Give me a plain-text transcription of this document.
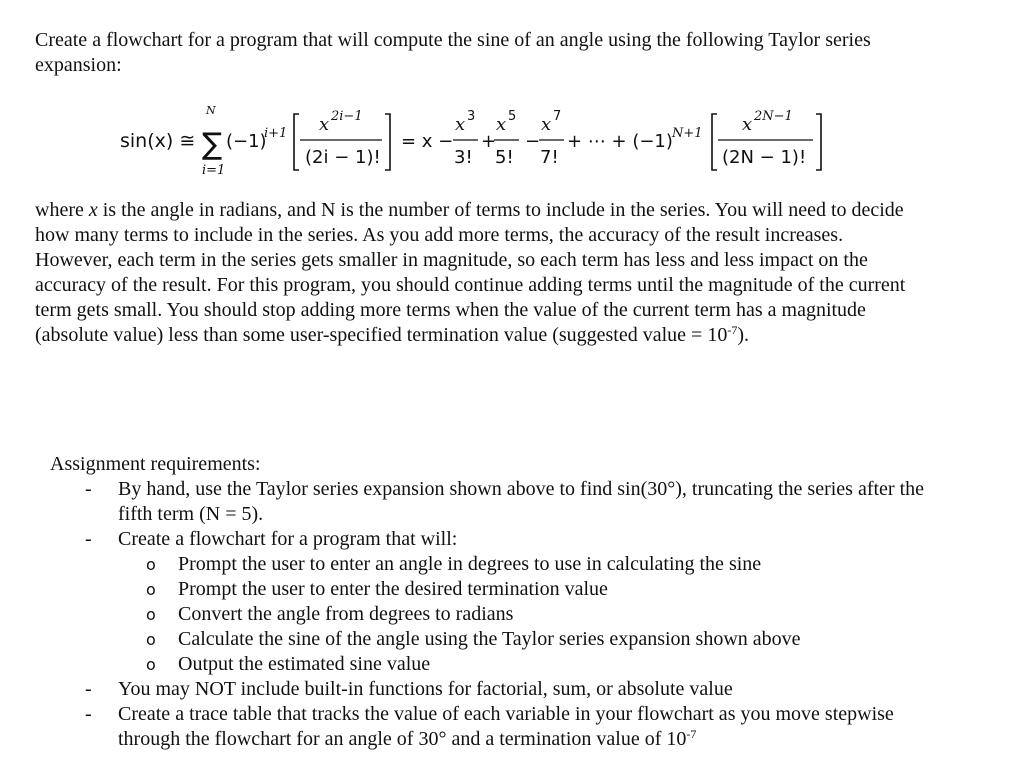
Create a flowchart for a program that will compute the sine of an angle using the following Taylor series expansion:

sin(x) ≅
N
∑
i=1
(−1)
i+1 x 2i−1
(2i − 1)!
= x −
x 3
3!
+
x 5
5!
−
x 7
7!
+ ⋯ + (−1) N+1 x 2N−1
(2N − 1)!

where x is the angle in radians, and N is the number of terms to include in the series. You will need to decide how many terms to include in the series. As you add more terms, the accuracy of the result increases. However, each term in the series gets smaller in magnitude, so each term has less and less impact on the accuracy of the result. For this program, you should continue adding terms until the magnitude of the current term gets small. You should stop adding more terms when the value of the current term has a magnitude (absolute value) less than some user-specified termination value (suggested value = $10^{-7}$).

Assignment requirements:

- By hand, use the Taylor series expansion shown above to find sin(30°), truncating the series after the fifth term (N = 5).
- Create a flowchart for a program that will:
o Prompt the user to enter an angle in degrees to use in calculating the sine
o Prompt the user to enter the desired termination value
o Convert the angle from degrees to radians
o Calculate the sine of the angle using the Taylor series expansion shown above
o Output the estimated sine value
- You may NOT include built-in functions for factorial, sum, or absolute value
- Create a trace table that tracks the value of each variable in your flowchart as you move stepwise through the flowchart for an angle of 30° and a termination value of $10^{-7}$
